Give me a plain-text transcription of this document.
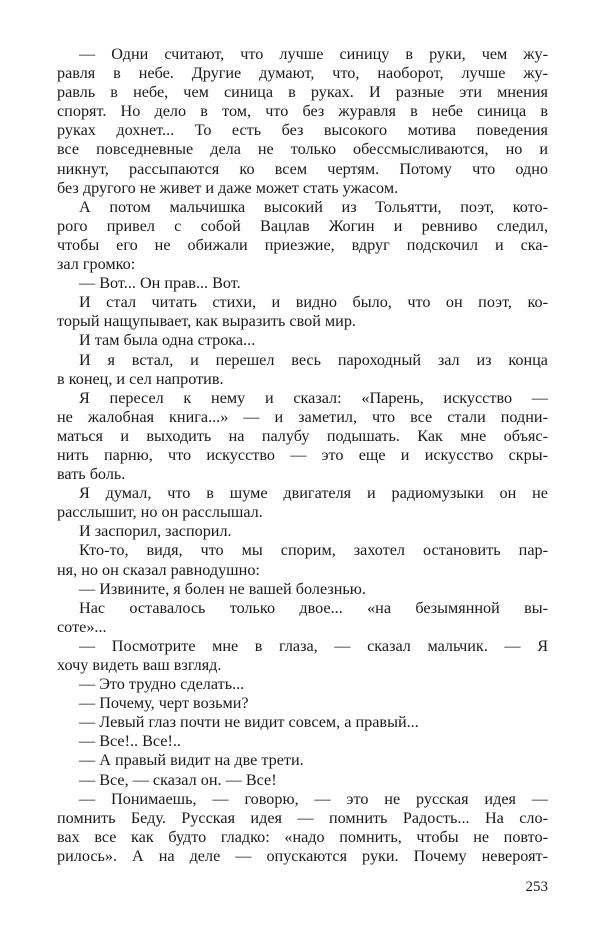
— Одни считают, что лучше синицу в руки, чем жу-
равля в небе. Другие думают, что, наоборот, лучше жу-
равль в небе, чем синица в руках. И разные эти мнения
спорят. Но дело в том, что без журавля в небе синица в
руках дохнет... То есть без высокого мотива поведения
все повседневные дела не только обессмысливаются, но и
никнут, рассыпаются ко всем чертям. Потому что одно
без другого не живет и даже может стать ужасом.
А потом мальчишка высокий из Тольятти, поэт, кото-
рого привел с собой Вацлав Жогин и ревниво следил,
чтобы его не обижали приезжие, вдруг подскочил и ска-
зал громко:
— Вот... Он прав... Вот.
И стал читать стихи, и видно было, что он поэт, ко-
торый нащупывает, как выразить свой мир.
И там была одна строка...
И я встал, и перешел весь пароходный зал из конца
в конец, и сел напротив.
Я пересел к нему и сказал: «Парень, искусство —
не жалобная книга...» — и заметил, что все стали подни-
маться и выходить на палубу подышать. Как мне объяс-
нить парню, что искусство — это еще и искусство скры-
вать боль.
Я думал, что в шуме двигателя и радиомузыки он не
расслышит, но он расслышал.
И заспорил, заспорил.
Кто-то, видя, что мы спорим, захотел остановить пар-
ня, но он сказал равнодушно:
— Извините, я болен не вашей болезнью.
Нас оставалось только двое... «на безымянной вы-
соте»...
— Посмотрите мне в глаза, — сказал мальчик. — Я
хочу видеть ваш взгляд.
— Это трудно сделать...
— Почему, черт возьми?
— Левый глаз почти не видит совсем, а правый...
— Все!.. Все!..
— А правый видит на две трети.
— Все, — сказал он. — Все!
— Понимаешь, — говорю, — это не русская идея —
помнить Беду. Русская идея — помнить Радость... На сло-
вах все как будто гладко: «надо помнить, чтобы не повто-
рилось». А на деле — опускаются руки. Почему невероят-
253
